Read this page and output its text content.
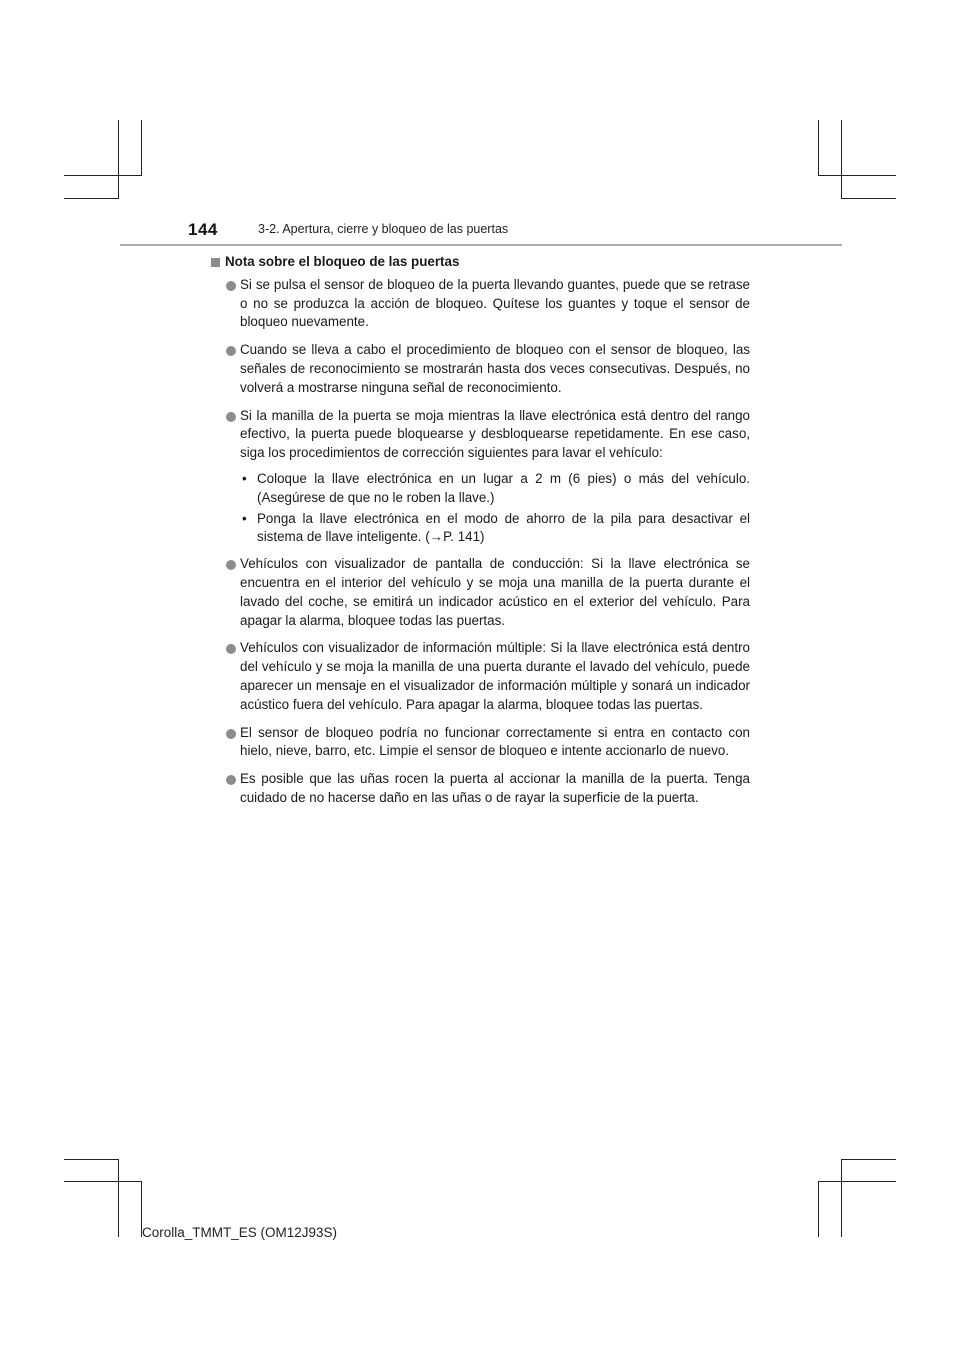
144	3-2. Apertura, cierre y bloqueo de las puertas
Nota sobre el bloqueo de las puertas
Si se pulsa el sensor de bloqueo de la puerta llevando guantes, puede que se retrase o no se produzca la acción de bloqueo. Quítese los guantes y toque el sensor de bloqueo nuevamente.
Cuando se lleva a cabo el procedimiento de bloqueo con el sensor de bloqueo, las señales de reconocimiento se mostrarán hasta dos veces consecutivas. Después, no volverá a mostrarse ninguna señal de reconocimiento.
Si la manilla de la puerta se moja mientras la llave electrónica está dentro del rango efectivo, la puerta puede bloquearse y desbloquearse repetidamente. En ese caso, siga los procedimientos de corrección siguientes para lavar el vehículo:
• Coloque la llave electrónica en un lugar a 2 m (6 pies) o más del vehículo. (Asegúrese de que no le roben la llave.)
• Ponga la llave electrónica en el modo de ahorro de la pila para desactivar el sistema de llave inteligente. (→P. 141)
Vehículos con visualizador de pantalla de conducción: Si la llave electrónica se encuentra en el interior del vehículo y se moja una manilla de la puerta durante el lavado del coche, se emitirá un indicador acústico en el exterior del vehículo. Para apagar la alarma, bloquee todas las puertas.
Vehículos con visualizador de información múltiple: Si la llave electrónica está dentro del vehículo y se moja la manilla de una puerta durante el lavado del vehículo, puede aparecer un mensaje en el visualizador de información múltiple y sonará un indicador acústico fuera del vehículo. Para apagar la alarma, bloquee todas las puertas.
El sensor de bloqueo podría no funcionar correctamente si entra en contacto con hielo, nieve, barro, etc. Limpie el sensor de bloqueo e intente accionarlo de nuevo.
Es posible que las uñas rocen la puerta al accionar la manilla de la puerta. Tenga cuidado de no hacerse daño en las uñas o de rayar la superficie de la puerta.
Corolla_TMMT_ES (OM12J93S)
